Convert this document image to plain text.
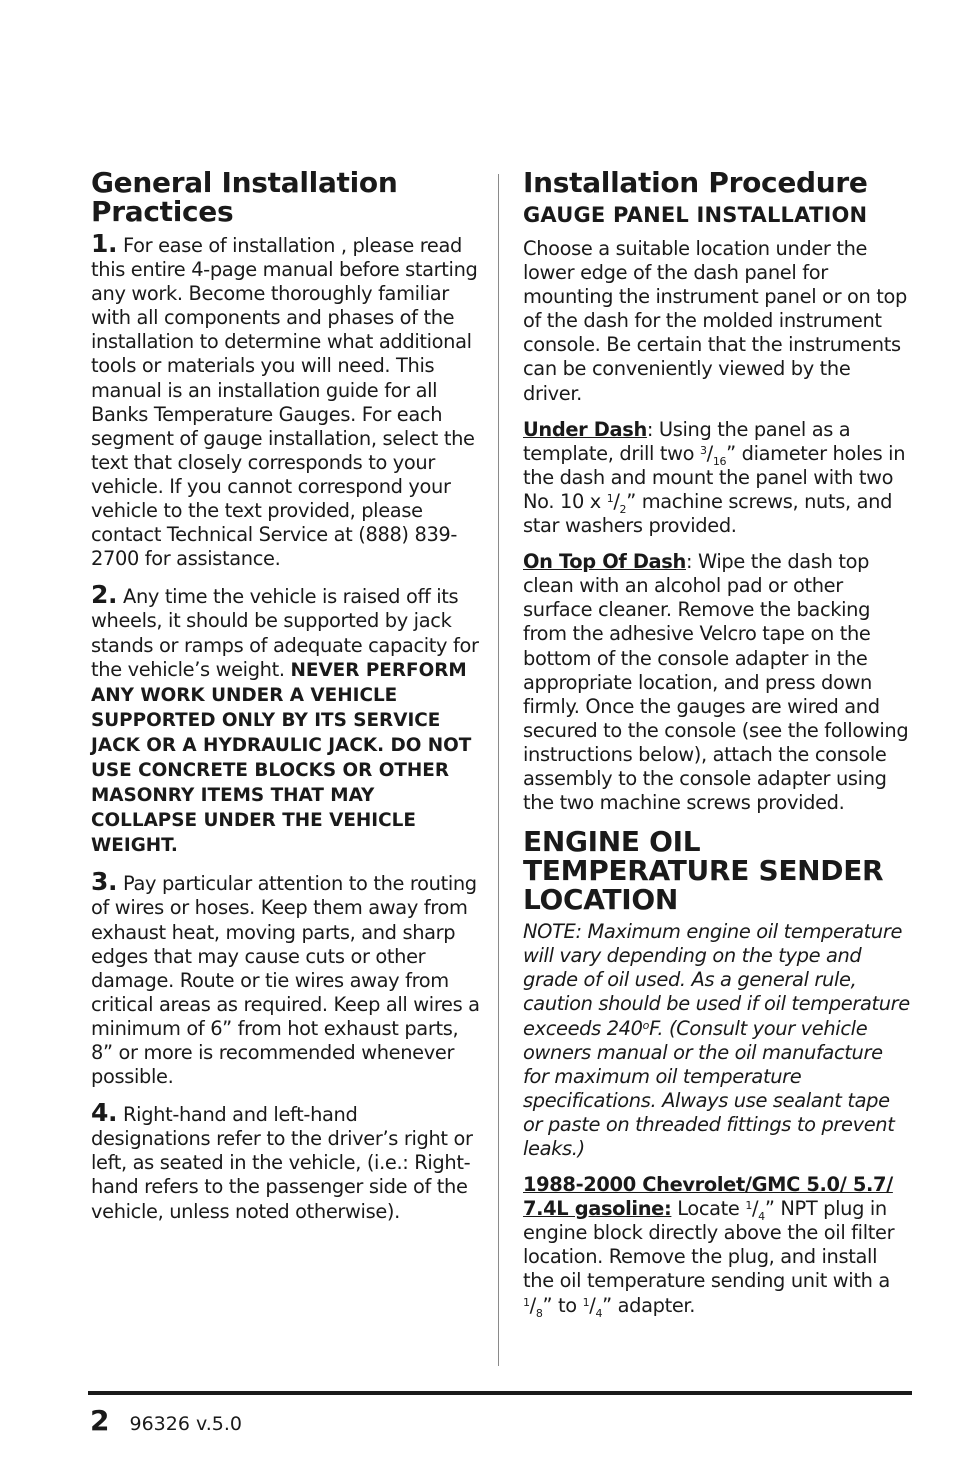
General Installation Practices

1. For ease of installation , please read this entire 4-page manual before starting any work. Become thoroughly familiar with all components and phases of the installation to determine what additional tools or materials you will need. This manual is an installation guide for all Banks Temperature Gauges. For each segment of gauge installation, select the text that closely corresponds to your vehicle. If you cannot correspond your vehicle to the text provided, please contact Technical Service at (888) 839-2700 for assistance.

2. Any time the vehicle is raised off its wheels, it should be supported by jack stands or ramps of adequate capacity for the vehicle’s weight. NEVER PERFORM ANY WORK UNDER A VEHICLE SUPPORTED ONLY BY ITS SERVICE JACK OR A HYDRAULIC JACK. DO NOT USE CONCRETE BLOCKS OR OTHER MASONRY ITEMS THAT MAY COLLAPSE UNDER THE VEHICLE WEIGHT.

3. Pay particular attention to the routing of wires or hoses. Keep them away from exhaust heat, moving parts, and sharp edges that may cause cuts or other damage. Route or tie wires away from critical areas as required. Keep all wires a minimum of 6” from hot exhaust parts, 8” or more is recommended whenever possible.

4. Right-hand and left-hand designations refer to the driver’s right or left, as seated in the vehicle, (i.e.: Right-hand refers to the passenger side of the vehicle, unless noted otherwise).

Installation Procedure
GAUGE PANEL INSTALLATION

Choose a suitable location under the lower edge of the dash panel for mounting the instrument panel or on top of the dash for the molded instrument console. Be certain that the instruments can be conveniently viewed by the driver.

Under Dash: Using the panel as a template, drill two $^3/_{16}$” diameter holes in the dash and mount the panel with two No. 10 x $^1/_2$” machine screws, nuts, and star washers provided.

On Top Of Dash: Wipe the dash top clean with an alcohol pad or other surface cleaner. Remove the backing from the adhesive Velcro tape on the bottom of the console adapter in the appropriate location, and press down firmly. Once the gauges are wired and secured to the console (see the following instructions below), attach the console assembly to the console adapter using the two machine screws provided.

ENGINE OIL TEMPERATURE SENDER LOCATION

NOTE: Maximum engine oil temperature will vary depending on the type and grade of oil used. As a general rule, caution should be used if oil temperature exceeds 240$^o$F. (Consult your vehicle owners manual or the oil manufacture for maximum oil temperature specifications. Always use sealant tape or paste on threaded fittings to prevent leaks.)

1988-2000 Chevrolet/GMC 5.0/ 5.7/ 7.4L gasoline: Locate $^1/_4$” NPT plug in engine block directly above the oil filter location. Remove the plug, and install the oil temperature sending unit with a $^1/_8$” to $^1/_4$” adapter.

2 96326 v.5.0
